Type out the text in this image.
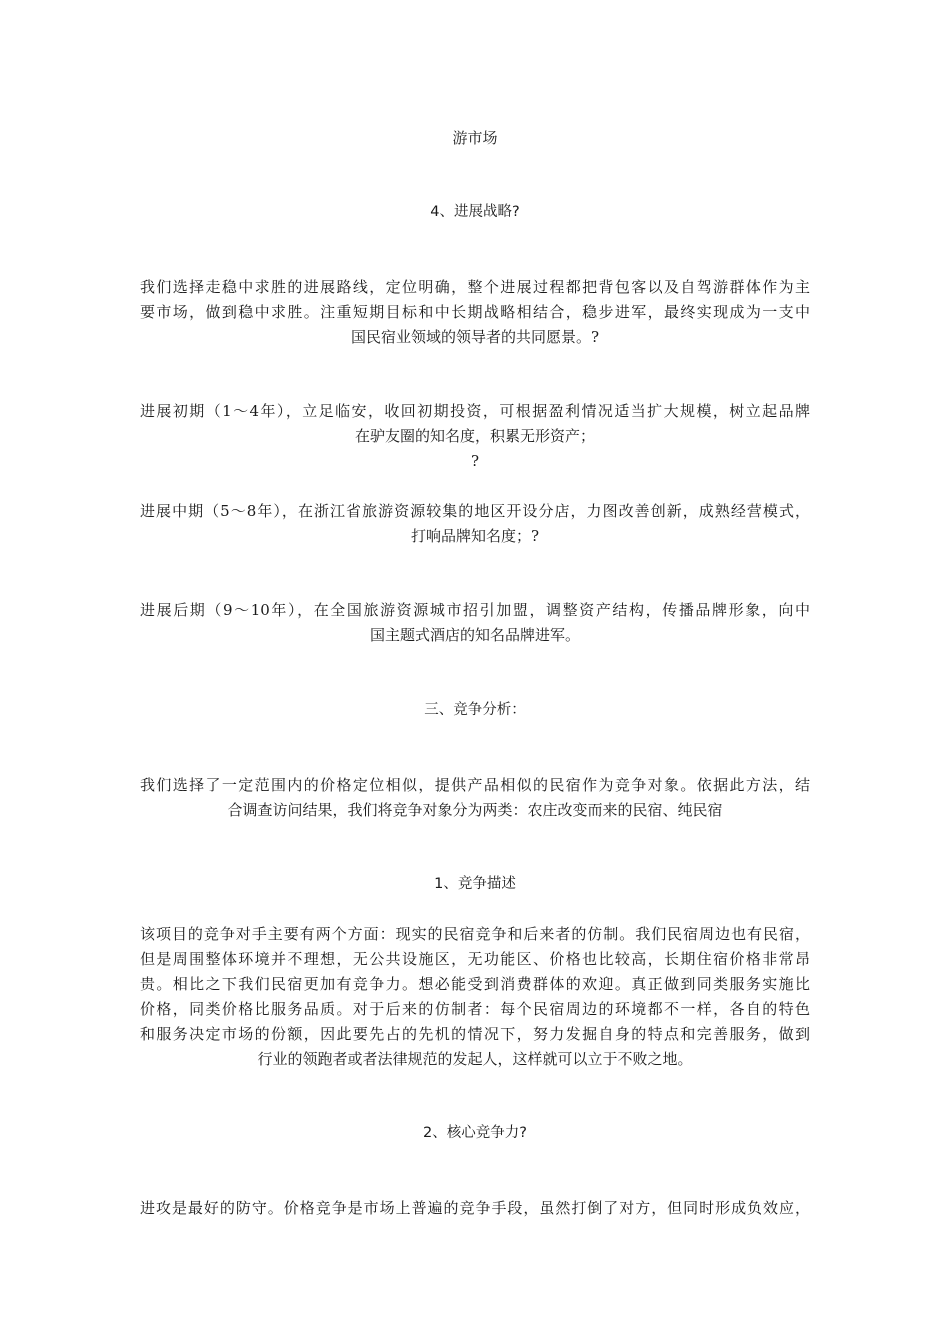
游市场
4、进展战略?
我们选择走稳中求胜的进展路线，定位明确，整个进展过程都把背包客以及自驾游群体作为主
要市场，做到稳中求胜。注重短期目标和中长期战略相结合，稳步进军，最终实现成为一支中
国民宿业领域的领导者的共同愿景。?
进展初期（1～4年），立足临安，收回初期投资，可根据盈利情况适当扩大规模，树立起品牌
在驴友圈的知名度，积累无形资产；
?
进展中期（5～8年），在浙江省旅游资源较集的地区开设分店，力图改善创新，成熟经营模式，
打响品牌知名度；?
进展后期（9～10年），在全国旅游资源城市招引加盟，调整资产结构，传播品牌形象，向中
国主题式酒店的知名品牌进军。
三、竞争分析：
我们选择了一定范围内的价格定位相似，提供产品相似的民宿作为竞争对象。依据此方法，结
合调查访问结果，我们将竞争对象分为两类：农庄改变而来的民宿、纯民宿
1、竞争描述
该项目的竞争对手主要有两个方面：现实的民宿竞争和后来者的仿制。我们民宿周边也有民宿，
但是周围整体环境并不理想，无公共设施区，无功能区、价格也比较高，长期住宿价格非常昂
贵。相比之下我们民宿更加有竞争力。想必能受到消费群体的欢迎。真正做到同类服务实施比
价格，同类价格比服务品质。对于后来的仿制者：每个民宿周边的环境都不一样，各自的特色
和服务决定市场的份额，因此要先占的先机的情况下，努力发掘自身的特点和完善服务，做到
行业的领跑者或者法律规范的发起人，这样就可以立于不败之地。
2、核心竞争力?
进攻是最好的防守。价格竞争是市场上普遍的竞争手段，虽然打倒了对方，但同时形成负效应，
